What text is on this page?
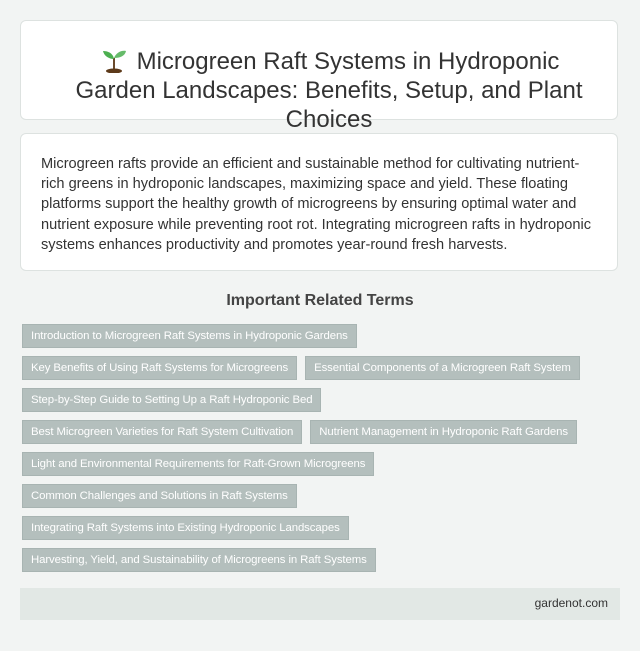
Microgreen Raft Systems in Hydroponic Garden Landscapes: Benefits, Setup, and Plant Choices

Microgreen rafts provide an efficient and sustainable method for cultivating nutrient-rich greens in hydroponic landscapes, maximizing space and yield. These floating platforms support the healthy growth of microgreens by ensuring optimal water and nutrient exposure while preventing root rot. Integrating microgreen rafts in hydroponic systems enhances productivity and promotes year-round fresh harvests.

Important Related Terms
Introduction to Microgreen Raft Systems in Hydroponic Gardens
Key Benefits of Using Raft Systems for Microgreens	Essential Components of a Microgreen Raft System
Step-by-Step Guide to Setting Up a Raft Hydroponic Bed
Best Microgreen Varieties for Raft System Cultivation	Nutrient Management in Hydroponic Raft Gardens
Light and Environmental Requirements for Raft-Grown Microgreens
Common Challenges and Solutions in Raft Systems
Integrating Raft Systems into Existing Hydroponic Landscapes
Harvesting, Yield, and Sustainability of Microgreens in Raft Systems
gardenot.com
